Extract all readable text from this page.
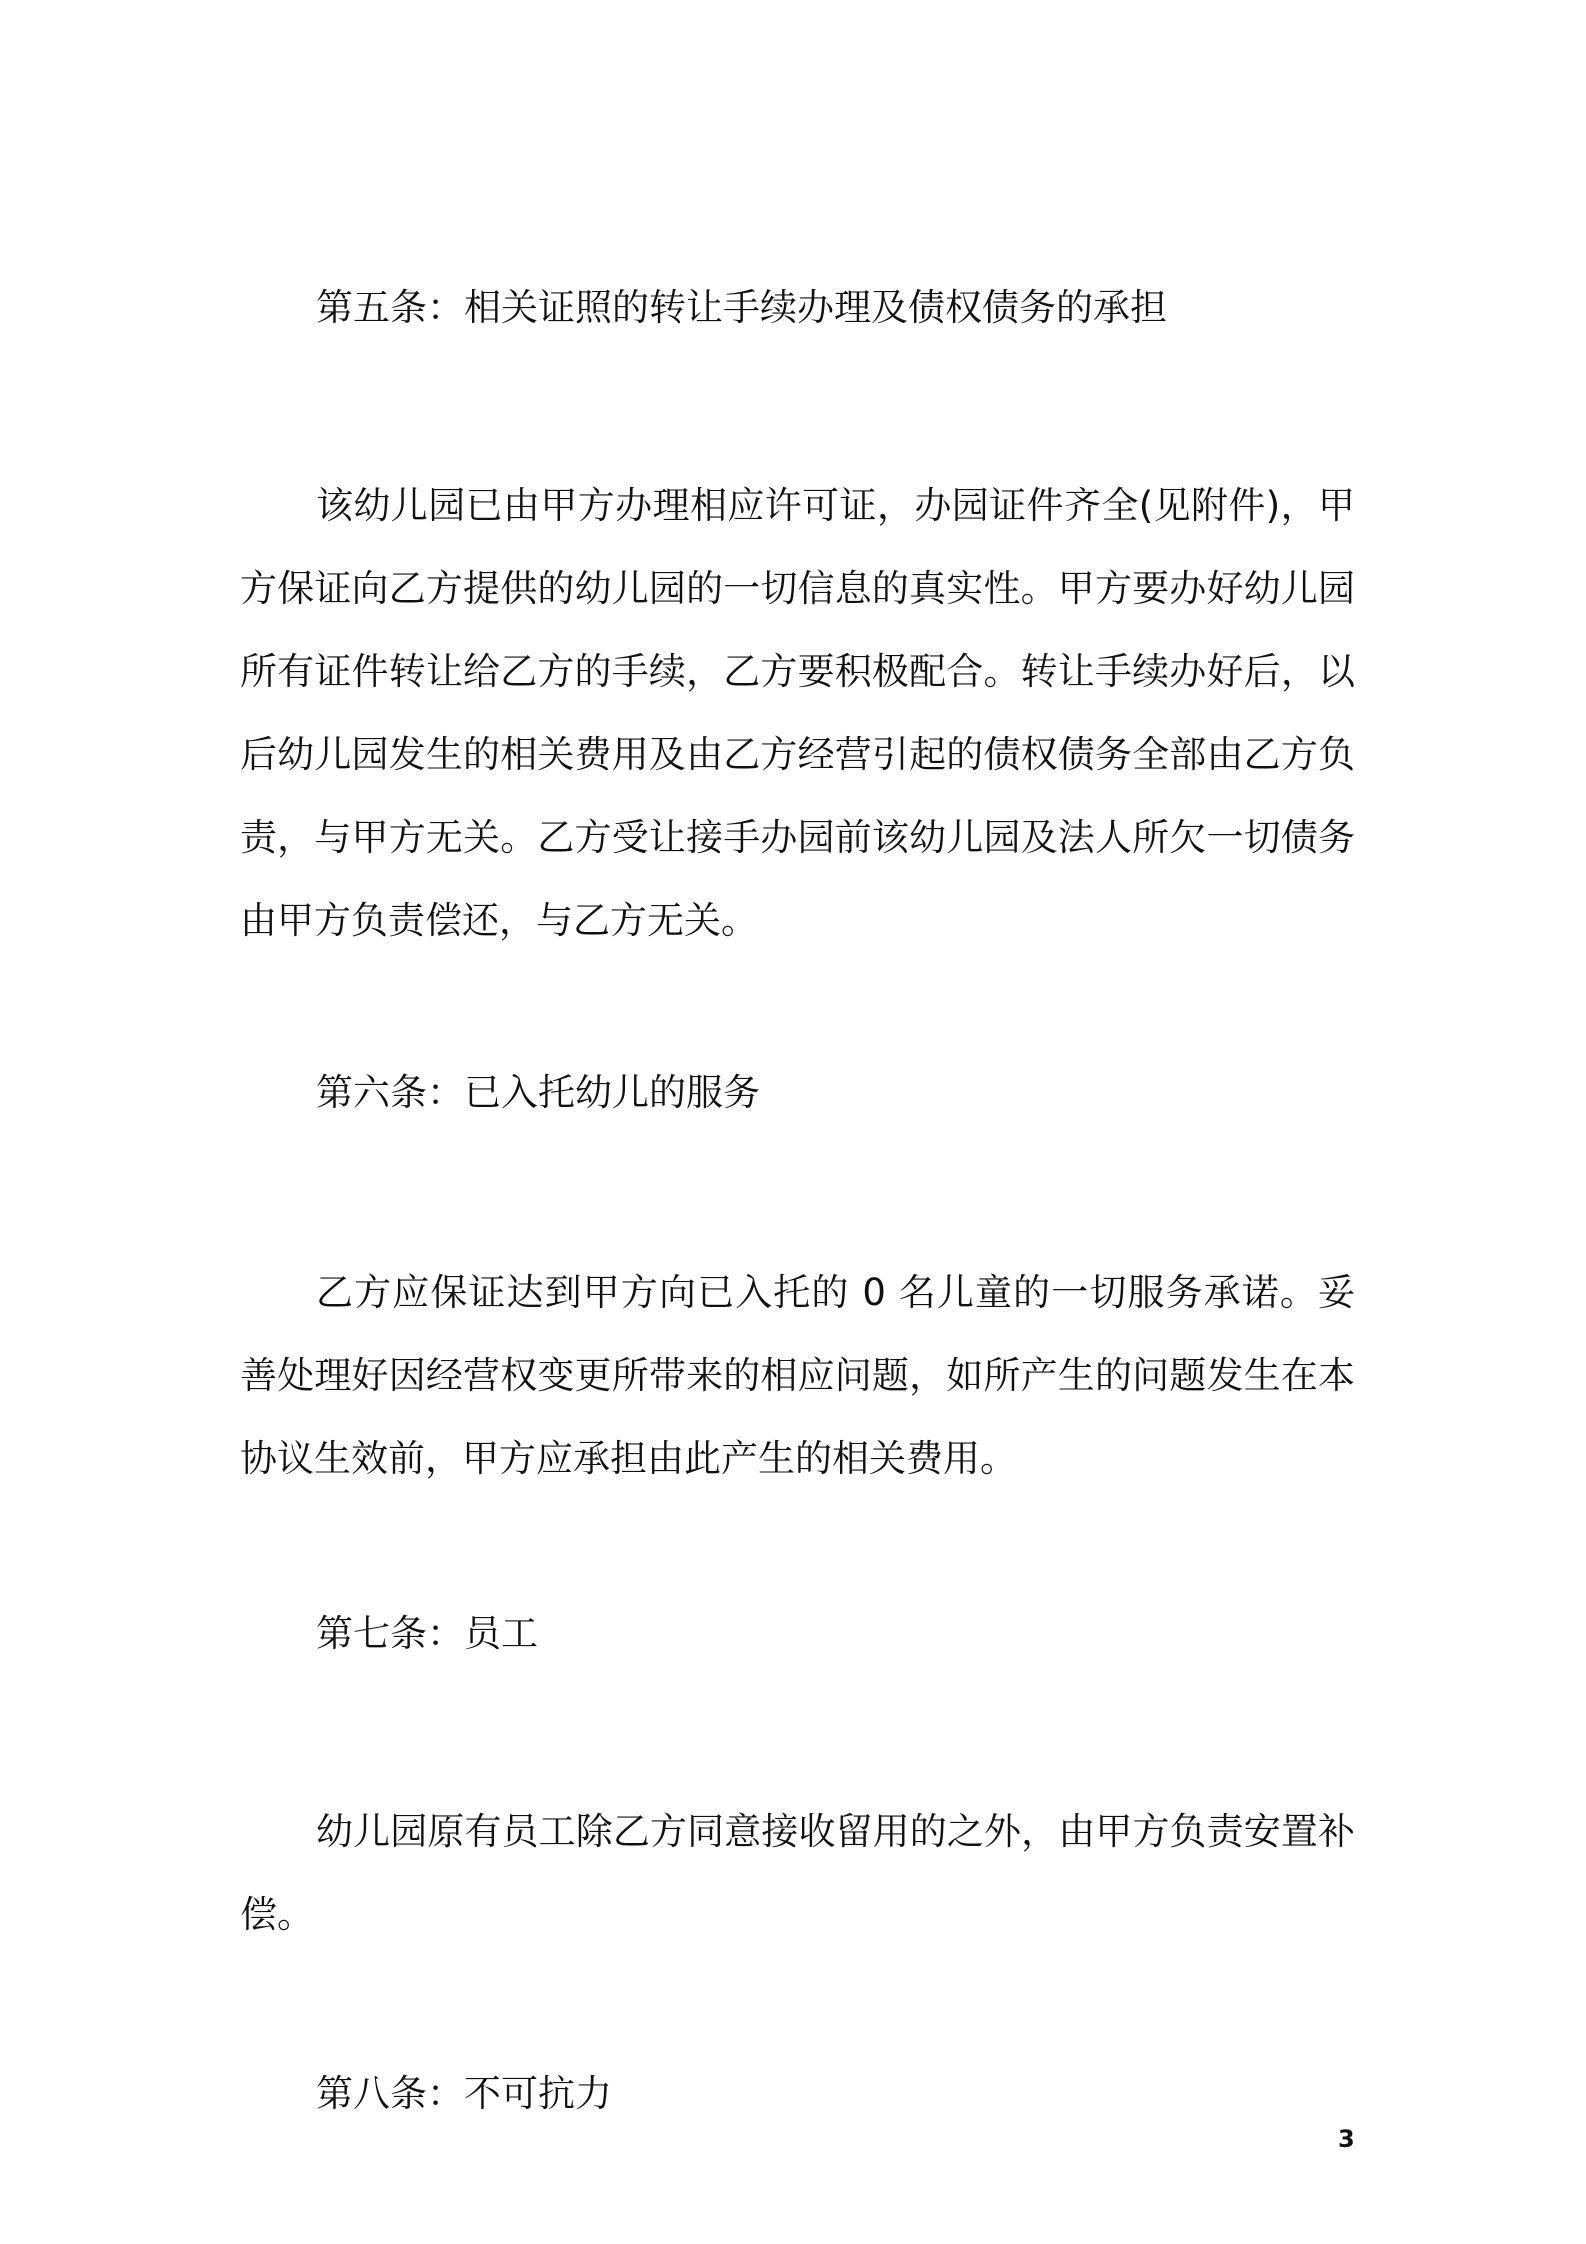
第五条：相关证照的转让手续办理及债权债务的承担

该幼儿园已由甲方办理相应许可证，办园证件齐全(见附件)，甲方保证向乙方提供的幼儿园的一切信息的真实性。甲方要办好幼儿园所有证件转让给乙方的手续，乙方要积极配合。转让手续办好后，以后幼儿园发生的相关费用及由乙方经营引起的债权债务全部由乙方负责，与甲方无关。乙方受让接手办园前该幼儿园及法人所欠一切债务由甲方负责偿还，与乙方无关。

第六条：已入托幼儿的服务

乙方应保证达到甲方向已入托的 0 名儿童的一切服务承诺。妥善处理好因经营权变更所带来的相应问题，如所产生的问题发生在本协议生效前，甲方应承担由此产生的相关费用。

第七条：员工

幼儿园原有员工除乙方同意接收留用的之外，由甲方负责安置补偿。

第八条：不可抗力

3
